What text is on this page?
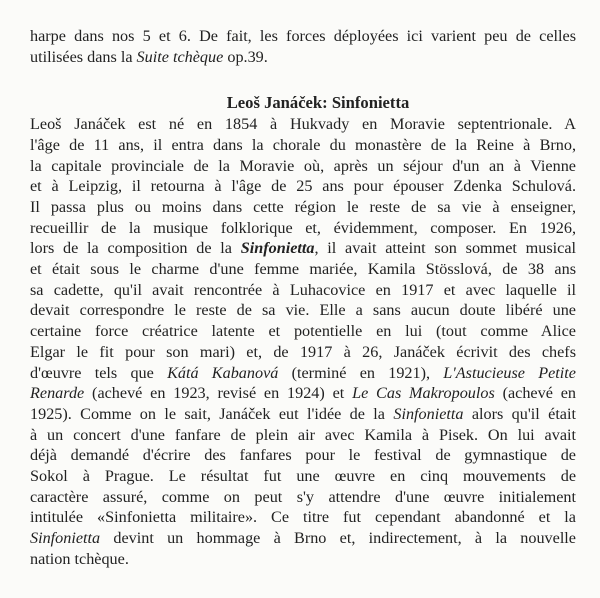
harpe dans nos 5 et 6. De fait, les forces déployées ici varient peu de celles
utilisées dans la Suite tchèque op.39.

Leoš Janáček: Sinfonietta

Leoš Janáček est né en 1854 à Hukvady en Moravie septentrionale. A
l'âge de 11 ans, il entra dans la chorale du monastère de la Reine à Brno,
la capitale provinciale de la Moravie où, après un séjour d'un an à Vienne
et à Leipzig, il retourna à l'âge de 25 ans pour épouser Zdenka Schulová.
Il passa plus ou moins dans cette région le reste de sa vie à enseigner,
recueillir de la musique folklorique et, évidemment, composer. En 1926,
lors de la composition de la Sinfonietta, il avait atteint son sommet musical
et était sous le charme d'une femme mariée, Kamila Stösslová, de 38 ans
sa cadette, qu'il avait rencontrée à Luhacovice en 1917 et avec laquelle il
devait correspondre le reste de sa vie. Elle a sans aucun doute libéré une
certaine force créatrice latente et potentielle en lui (tout comme Alice
Elgar le fit pour son mari) et, de 1917 à 26, Janáček écrivit des chefs
d'œuvre tels que Kátá Kabanová (terminé en 1921), L'Astucieuse Petite
Renarde (achevé en 1923, revisé en 1924) et Le Cas Makropoulos (achevé en
1925). Comme on le sait, Janáček eut l'idée de la Sinfonietta alors qu'il était
à un concert d'une fanfare de plein air avec Kamila à Pisek. On lui avait
déjà demandé d'écrire des fanfares pour le festival de gymnastique de
Sokol à Prague. Le résultat fut une œuvre en cinq mouvements de
caractère assuré, comme on peut s'y attendre d'une œuvre initialement
intitulée «Sinfonietta militaire». Ce titre fut cependant abandonné et la
Sinfonietta devint un hommage à Brno et, indirectement, à la nouvelle
nation tchèque.
